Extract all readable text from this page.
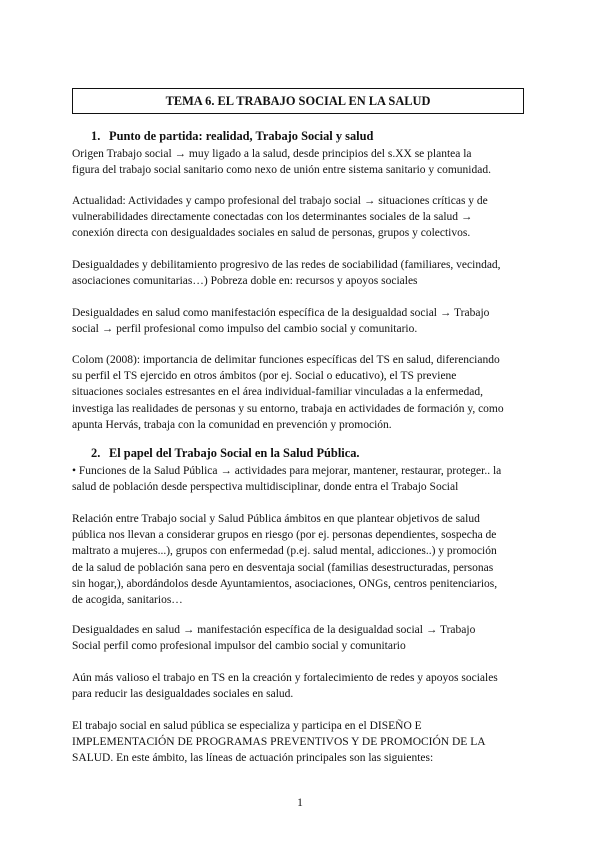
TEMA 6. EL TRABAJO SOCIAL EN LA SALUD
1. Punto de partida: realidad, Trabajo Social y salud
Origen Trabajo social → muy ligado a la salud, desde principios del s.XX se plantea la
figura del trabajo social sanitario como nexo de unión entre sistema sanitario y comunidad.
Actualidad: Actividades y campo profesional del trabajo social → situaciones críticas y de
vulnerabilidades directamente conectadas con los determinantes sociales de la salud →
conexión directa con desigualdades sociales en salud de personas, grupos y colectivos.
Desigualdades y debilitamiento progresivo de las redes de sociabilidad (familiares, vecindad,
asociaciones comunitarias…) Pobreza doble en: recursos y apoyos sociales
Desigualdades en salud como manifestación específica de la desigualdad social → Trabajo
social → perfil profesional como impulso del cambio social y comunitario.
Colom (2008): importancia de delimitar funciones específicas del TS en salud, diferenciando
su perfil el TS ejercido en otros ámbitos (por ej. Social o educativo), el TS previene
situaciones sociales estresantes en el área individual-familiar vinculadas a la enfermedad,
investiga las realidades de personas y su entorno, trabaja en actividades de formación y, como
apunta Hervás, trabaja con la comunidad en prevención y promoción.
2. El papel del Trabajo Social en la Salud Pública.
• Funciones de la Salud Pública → actividades para mejorar, mantener, restaurar, proteger.. la
salud de población desde perspectiva multidisciplinar, donde entra el Trabajo Social
Relación entre Trabajo social y Salud Pública ámbitos en que plantear objetivos de salud
pública nos llevan a considerar grupos en riesgo (por ej. personas dependientes, sospecha de
maltrato a mujeres...), grupos con enfermedad (p.ej. salud mental, adicciones..) y promoción
de la salud de población sana pero en desventaja social (familias desestructuradas, personas
sin hogar,), abordándolos desde Ayuntamientos, asociaciones, ONGs, centros penitenciarios,
de acogida, sanitarios…
Desigualdades en salud → manifestación específica de la desigualdad social → Trabajo
Social perfil como profesional impulsor del cambio social y comunitario
Aún más valioso el trabajo en TS en la creación y fortalecimiento de redes y apoyos sociales
para reducir las desigualdades sociales en salud.
El trabajo social en salud pública se especializa y participa en el DISEÑO E
IMPLEMENTACIÓN DE PROGRAMAS PREVENTIVOS Y DE PROMOCIÓN DE LA
SALUD. En este ámbito, las líneas de actuación principales son las siguientes:
1
